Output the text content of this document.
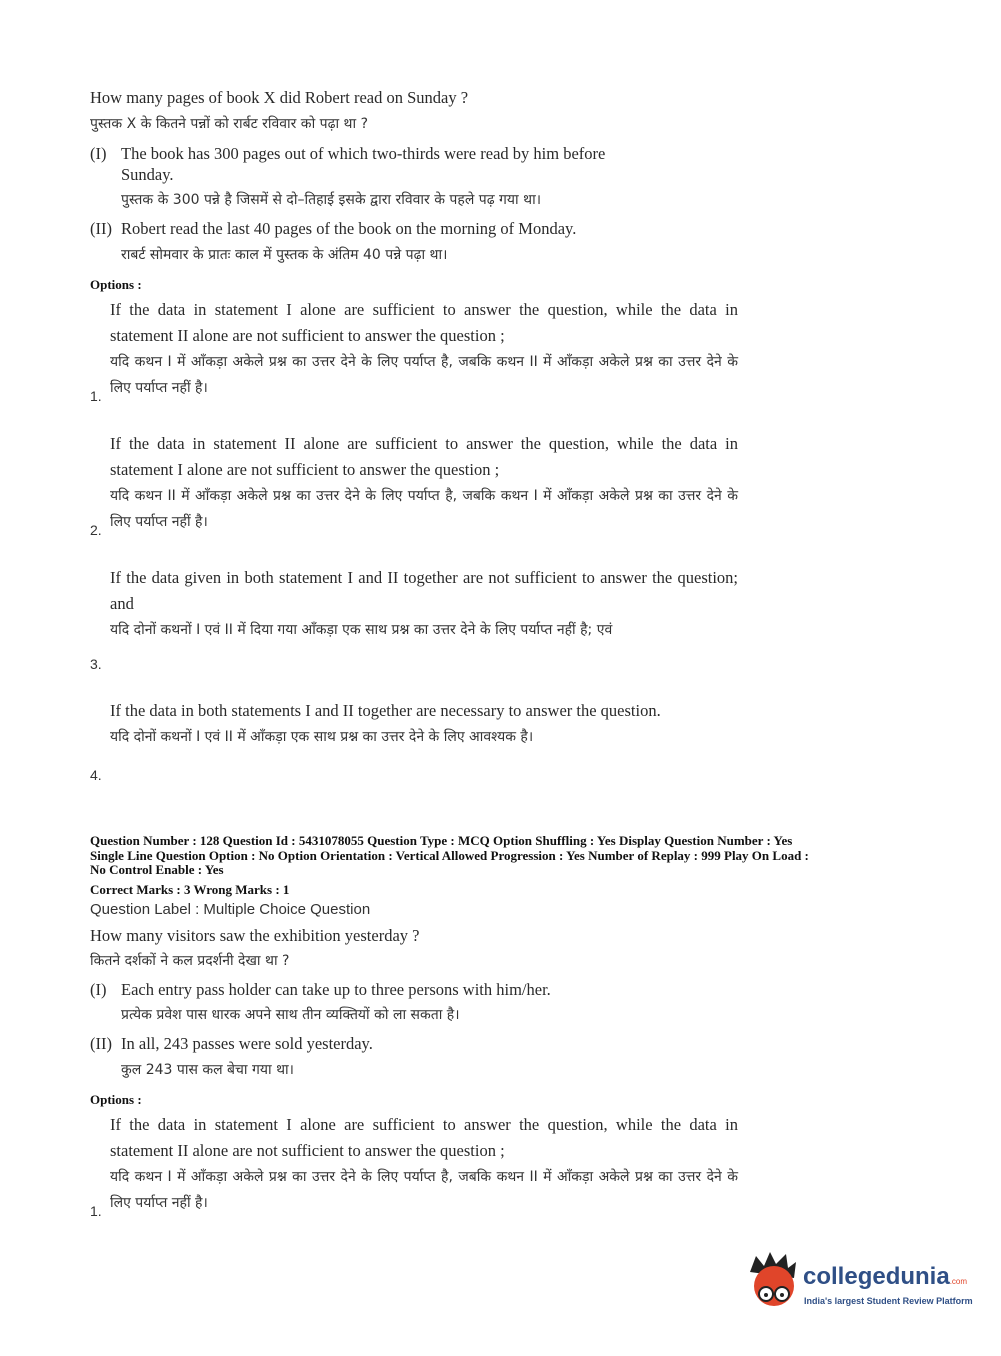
How many pages of book X did Robert read on Sunday ?
पुस्तक X के कितने पन्नों को रार्बट रविवार को पढ़ा था ?
(I) The book has 300 pages out of which two-thirds were read by him before
Sunday.
पुस्तक के 300 पन्ने है जिसमें से दो–तिहाई इसके द्वारा रविवार के पहले पढ़ गया था।
(II) Robert read the last 40 pages of the book on the morning of Monday.
राबर्ट सोमवार के प्रातः काल में पुस्तक के अंतिम 40 पन्ने पढ़ा था।
Options :
If the data in statement I alone are sufficient to answer the question, while the data in statement II alone are not sufficient to answer the question ;
यदि कथन I में आँकड़ा अकेले प्रश्न का उत्तर देने के लिए पर्याप्त है, जबकि कथन II में आँकड़ा अकेले प्रश्न का उत्तर देने के लिए पर्याप्त नहीं है।
1.
If the data in statement II alone are sufficient to answer the question, while the data in statement I alone are not sufficient to answer the question ;
यदि कथन II में आँकड़ा अकेले प्रश्न का उत्तर देने के लिए पर्याप्त है, जबकि कथन I में आँकड़ा अकेले प्रश्न का उत्तर देने के लिए पर्याप्त नहीं है।
2.
If the data given in both statement I and II together are not sufficient to answer the question; and
यदि दोनों कथनों I एवं II में दिया गया आँकड़ा एक साथ प्रश्न का उत्तर देने के लिए पर्याप्त नहीं है; एवं
3.
If the data in both statements I and II together are necessary to answer the question.
यदि दोनों कथनों I एवं II में आँकड़ा एक साथ प्रश्न का उत्तर देने के लिए आवश्यक है।
4.
Question Number : 128 Question Id : 5431078055 Question Type : MCQ Option Shuffling : Yes Display Question Number : Yes
Single Line Question Option : No Option Orientation : Vertical Allowed Progression : Yes Number of Replay : 999 Play On Load :
No Control Enable : Yes
Correct Marks : 3 Wrong Marks : 1
Question Label : Multiple Choice Question
How many visitors saw the exhibition yesterday ?
कितने दर्शकों ने कल प्रदर्शनी देखा था ?
(I) Each entry pass holder can take up to three persons with him/her.
प्रत्येक प्रवेश पास धारक अपने साथ तीन व्यक्तियों को ला सकता है।
(II) In all, 243 passes were sold yesterday.
कुल 243 पास कल बेचा गया था।
Options :
If the data in statement I alone are sufficient to answer the question, while the data in statement II alone are not sufficient to answer the question ;
यदि कथन I में आँकड़ा अकेले प्रश्न का उत्तर देने के लिए पर्याप्त है, जबकि कथन II में आँकड़ा अकेले प्रश्न का उत्तर देने के लिए पर्याप्त नहीं है।
1.
collegedunia.com
India's largest Student Review Platform
